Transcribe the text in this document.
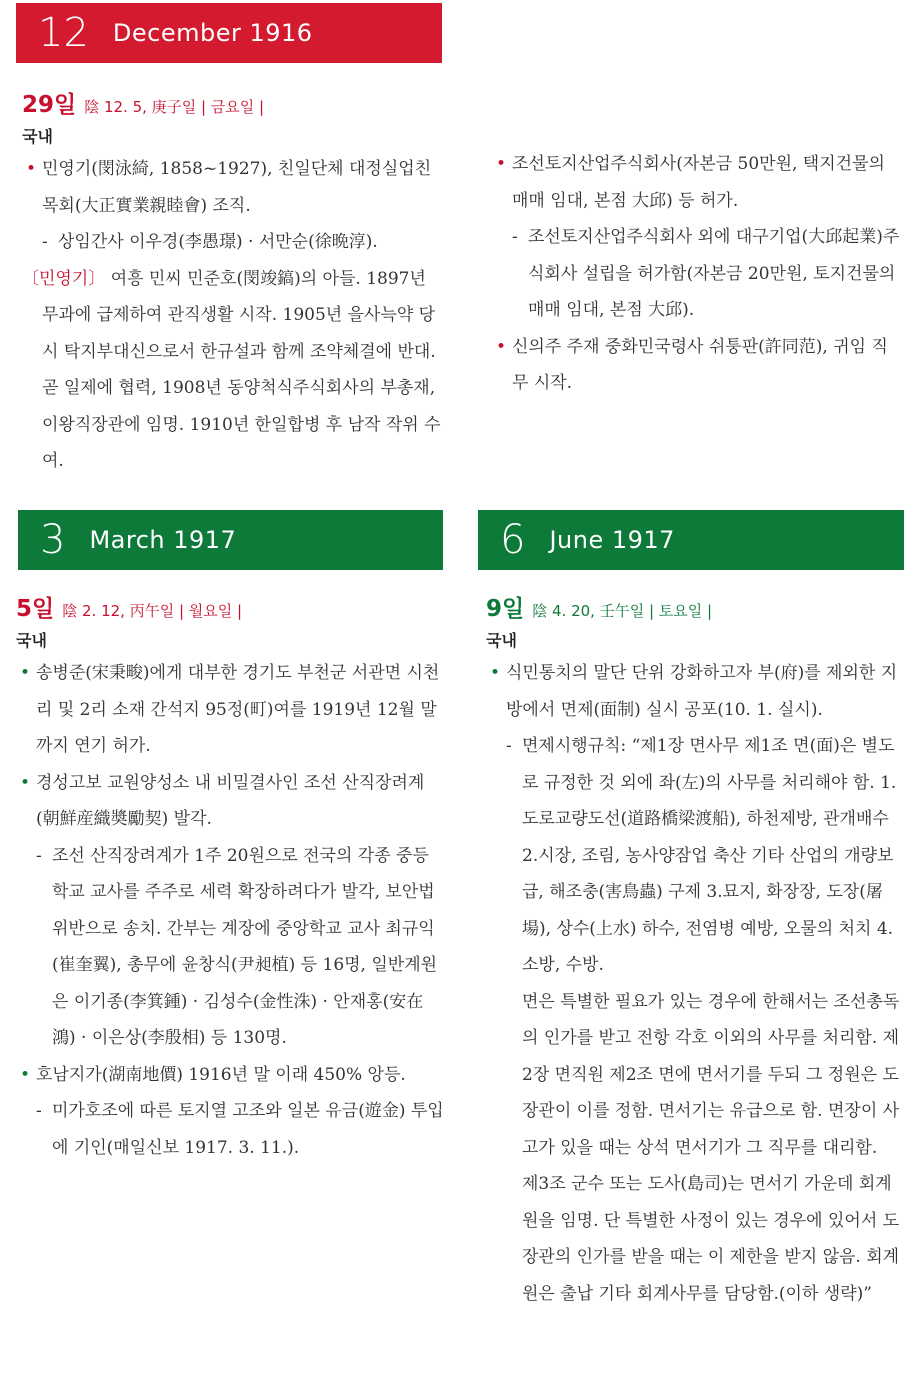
12 December 1916
29일 陰 12. 5, 庚子일 | 금요일 |
국내

• 민영기(閔泳綺, 1858~1927), 친일단체 대정실업친목회(大正實業親睦會) 조직.

- 상임간사 이우경(李愚璟) · 서만순(徐晩淳).

〔민영기〕 여흥 민씨 민준호(閔竣鎬)의 아들. 1897년 무과에 급제하여 관직생활 시작. 1905년 을사늑약 당시 탁지부대신으로서 한규설과 함께 조약체결에 반대. 곧 일제에 협력, 1908년 동양척식주식회사의 부총재, 이왕직장관에 임명. 1910년 한일합병 후 남작 작위 수여.

• 조선토지산업주식회사(자본금 50만원, 택지건물의 매매 임대, 본점 大邱) 등 허가.

- 조선토지산업주식회사 외에 대구기업(大邱起業)주식회사 설립을 허가함(자본금 20만원, 토지건물의 매매 임대, 본점 大邱).

• 신의주 주재 중화민국령사 쉬퉁판(許同范), 귀임 직무 시작.

3 March 1917
5일 陰 2. 12, 丙午일 | 월요일 |
국내

• 송병준(宋秉畯)에게 대부한 경기도 부천군 서관면 시천리 및 2리 소재 간석지 95정(町)여를 1919년 12월 말까지 연기 허가.

• 경성고보 교원양성소 내 비밀결사인 조선 산직장려계(朝鮮産織奬勵契) 발각.

- 조선 산직장려계가 1주 20원으로 전국의 각종 중등학교 교사를 주주로 세력 확장하려다가 발각, 보안법 위반으로 송치. 간부는 계장에 중앙학교 교사 최규익(崔奎翼), 총무에 윤창식(尹昶植) 등 16명, 일반계원은 이기종(李箕鍾) · 김성수(金性洙) · 안재홍(安在鴻) · 이은상(李殷相) 등 130명.

• 호남지가(湖南地價) 1916년 말 이래 450% 앙등.

- 미가호조에 따른 토지열 고조와 일본 유금(遊金) 투입에 기인(매일신보 1917. 3. 11.).

6 June 1917
9일 陰 4. 20, 壬午일 | 토요일 |
국내

• 식민통치의 말단 단위 강화하고자 부(府)를 제외한 지방에서 면제(面制) 실시 공포(10. 1. 실시).

- 면제시행규칙: “제1장 면사무 제1조 면(面)은 별도로 규정한 것 외에 좌(左)의 사무를 처리해야 함. 1.도로교량도선(道路橋梁渡船), 하천제방, 관개배수 2.시장, 조림, 농사양잠업 축산 기타 산업의 개량보급, 해조충(害鳥蟲) 구제 3.묘지, 화장장, 도장(屠場), 상수(上水) 하수, 전염병 예방, 오물의 처치 4.소방, 수방.

면은 특별한 필요가 있는 경우에 한해서는 조선총독의 인가를 받고 전항 각호 이외의 사무를 처리함. 제2장 면직원 제2조 면에 면서기를 두되 그 정원은 도장관이 이를 정함. 면서기는 유급으로 함. 면장이 사고가 있을 때는 상석 면서기가 그 직무를 대리함.

제3조 군수 또는 도사(島司)는 면서기 가운데 회계원을 임명. 단 특별한 사정이 있는 경우에 있어서 도장관의 인가를 받을 때는 이 제한을 받지 않음. 회계원은 출납 기타 회계사무를 담당함.(이하 생략)”
